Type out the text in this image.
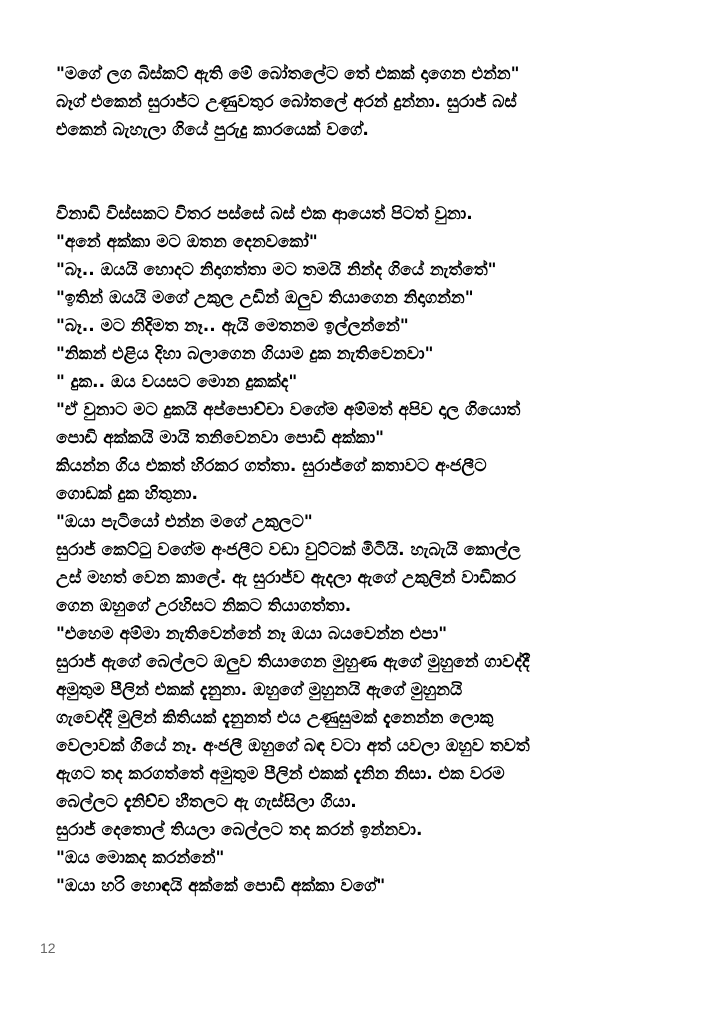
"මගේ ලග බිස්කට් ඇති මේ බෝතලේට තේ එකක් දාගෙන එන්න"
බෑග් එකෙන් සුරාජ්ට උණුවතුර බෝතලේ අරන් දුන්නා. සුරාජ් බස්
එකෙන් බැහැලා ගියේ පුරුදු කාරයෙක් වගේ.
විනාඩි විස්සකට විතර පස්සේ බස් එක ආයෙත් පිටත් වුනා.
"අනේ අක්කා මට ඔතන දෙනවකෝ"
"බෑ.. ඔයයි හොදට නිදාගත්තා මට තමයි නින්ද ගියේ නැත්තේ"
"ඉතින් ඔයයි මගේ උකුල උඩින් ඔලුව තියාගෙන නිදාගන්න"
"බෑ.. මට නිදිමත නෑ.. ඇයි මෙතනම ඉල්ලන්නේ"
"නිකන් එළිය දිහා බලාගෙන ගියාම දුක නැතිවෙනවා"
" දුක.. ඔය වයසට මොන දුකක්ද"
"ඒ වුනාට මට දුකයි අප්පොච්චා වගේම අම්මත් අපිව දාල ගියොත්
පොඩි අක්කයි මායි තනිවෙනවා පොඩි අක්කා"
කියන්න ගිය එකත් හිරකර ගත්තා. සුරාජ්ගේ කතාවට අංජලීට
ගොඩක් දුක හිතුනා.
"ඔයා පැටියෝ එන්න මගේ උකුලට"
සුරාජ් කෙට්ටු වගේම අංජලීට වඩා වුට්ටක් මිටියි. හැබැයි කොල්ල
උස් මහත් වෙන කාලේ. ඇ සුරාජ්ව ඇදලා ඇගේ උකුලින් වාඩිකර
ගෙන ඔහුගේ උරහිසට නිකට තියාගත්තා.
"එහෙම අම්මා නැතිවෙන්නේ නෑ ඔයා බයවෙන්න එපා"
සුරාජ් ඇගේ බෙල්ලට ඔලුව තියාගෙන මුහුණ ඇගේ මුහුනේ ගාවද්දී
අමුතුම පීලින් එකක් දැනුනා. ඔහුගේ මුහුනයි ඇගේ මුහුනයි
ගැවෙද්දී මුලින් කිතියක් දැනුනත් එය උණුසුමක් දැනෙන්න ලොකු
වෙලාවක් ගියේ නෑ. අංජලී ඔහුගේ බඳ වටා අත් යවලා ඔහුව තවත්
ඇගට තද කරගත්තේ අමුතුම පීලින් එකක් දැනින නිසා. එක වරම
බෙල්ලට දැනිච්ච හීතලට ඇ ගැස්සිලා ගියා.
සුරාජ් දෙතොල් තියලා බෙල්ලට තද කරන් ඉන්නවා.
"ඔය මොකද කරන්නේ"
"ඔයා හරි හොඳයි අක්කේ පොඩි අක්කා වගේ"
12
